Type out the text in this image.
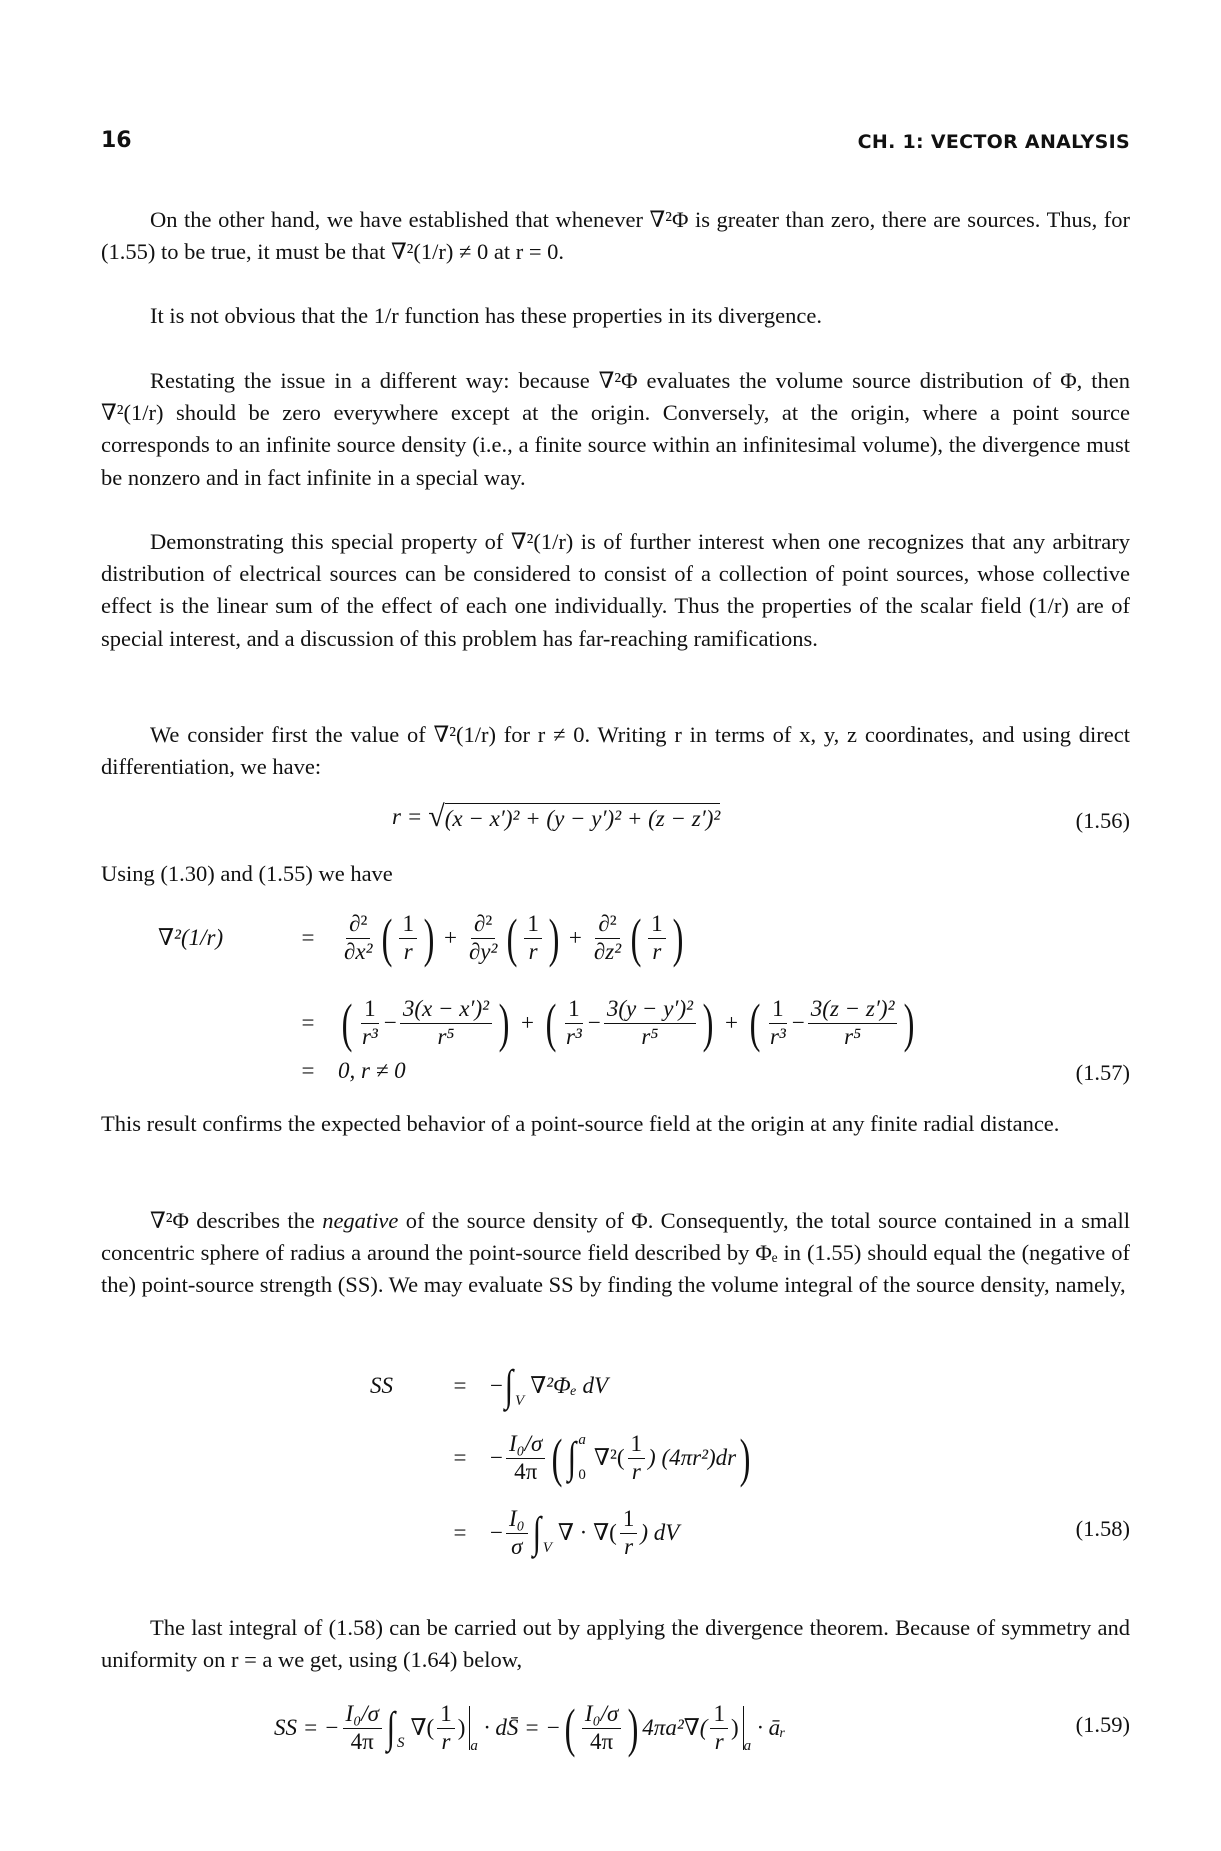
16	CH. 1: VECTOR ANALYSIS
On the other hand, we have established that whenever ∇²Φ is greater than zero, there are sources. Thus, for (1.55) to be true, it must be that ∇²(1/r) ≠ 0 at r = 0.
It is not obvious that the 1/r function has these properties in its divergence.
Restating the issue in a different way: because ∇²Φ evaluates the volume source distribution of Φ, then ∇²(1/r) should be zero everywhere except at the origin. Conversely, at the origin, where a point source corresponds to an infinite source density (i.e., a finite source within an infinitesimal volume), the divergence must be nonzero and in fact infinite in a special way.
Demonstrating this special property of ∇²(1/r) is of further interest when one recognizes that any arbitrary distribution of electrical sources can be considered to consist of a collection of point sources, whose collective effect is the linear sum of the effect of each one individually. Thus the properties of the scalar field (1/r) are of special interest, and a discussion of this problem has far-reaching ramifications.
We consider first the value of ∇²(1/r) for r ≠ 0. Writing r in terms of x, y, z coordinates, and using direct differentiation, we have:
r = √ (x − x′)² + (y − y′)² + (z − z′)²	(1.56)
Using (1.30) and (1.55) we have
∇²(1/r)	=	$\frac{\text{∂²}}{\text{∂x²}}$ ( $\frac{1}{r}$ ) + $\frac{\text{∂²}}{\text{∂y²}}$ ( $\frac{1}{r}$ ) + $\frac{\text{∂²}}{\text{∂z²}}$ ( $\frac{1}{r}$ )
= ( $\frac{1}{\text{r³}} - \frac{\text{3(x − x′)²}}{\text{r⁵}}$ ) + ( $\frac{1}{\text{r³}} - \frac{\text{3(y − y′)²}}{\text{r⁵}}$ ) + ( $\frac{1}{\text{r³}} - \frac{\text{3(z − z′)²}}{\text{r⁵}}$ )
=	0, r ≠ 0	(1.57)
This result confirms the expected behavior of a point-source field at the origin at any finite radial distance.
∇²Φ describes the negative of the source density of Φ. Consequently, the total source contained in a small concentric sphere of radius a around the point-source field described by Φₑ in (1.55) should equal the (negative of the) point-source strength (SS). We may evaluate SS by finding the volume integral of the source density, namely,
SS	=	− $\int_V$
∇²Φₑ dV
=	− $\frac{\text{I₀/σ}}{4\pi}$ ( ∫ a
0
$\nabla^2( \frac{1}{r}$ ) (4πr²)dr )
=	− $\frac{\text{I₀}}{\sigma} \int_V$
∇ · ∇( $\frac{1}{r}$ ) dV	(1.58)
The last integral of (1.58) can be carried out by applying the divergence theorem. Because of symmetry and uniformity on r = a we get, using (1.64) below,
SS = − $\frac{\text{I₀/σ}}{4\pi} \int_S$
∇( $\frac{1}{r}$ )
$_a$
· dS̄ = − ( $\frac{\text{I₀/σ}}{4\pi}$ ) $4\pi a^2\nabla( \frac{1}{r}$ )
$_a$
· āᵣ	(1.59)
